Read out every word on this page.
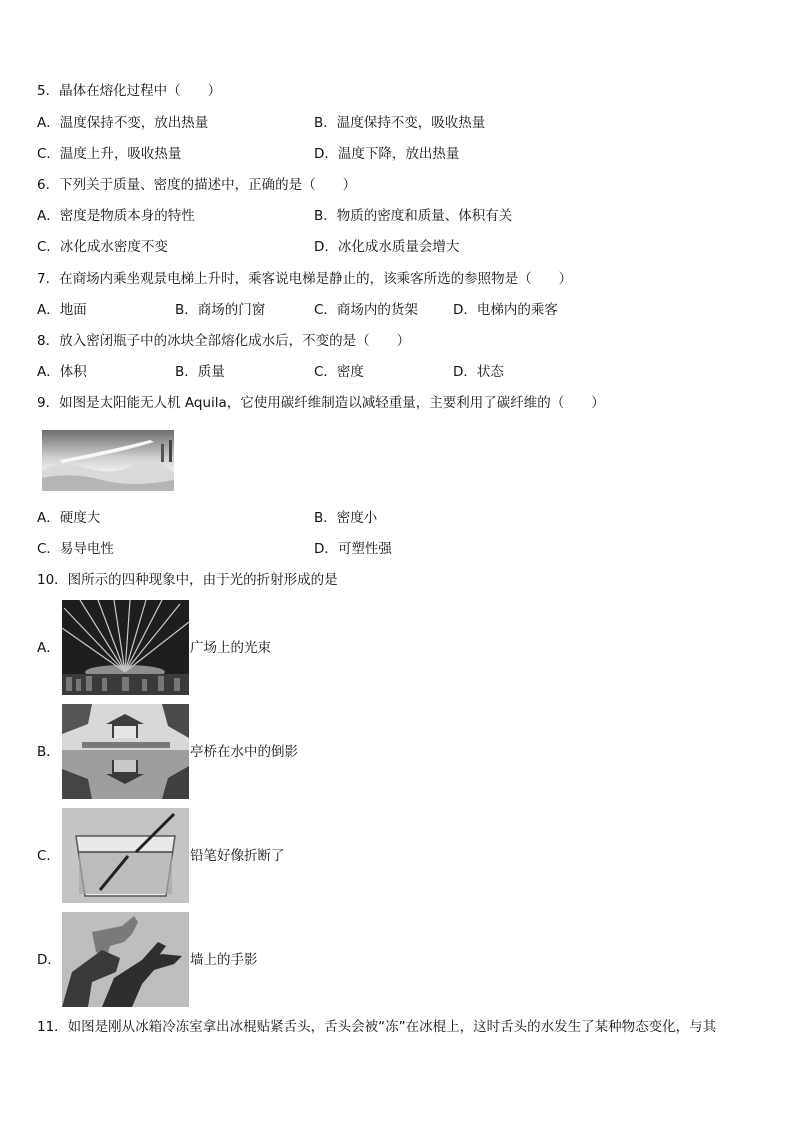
5．晶体在熔化过程中（　　）
A．温度保持不变，放出热量	B．温度保持不变，吸收热量
C．温度上升，吸收热量	D．温度下降，放出热量
6．下列关于质量、密度的描述中，正确的是（　　）
A．密度是物质本身的特性	B．物质的密度和质量、体积有关
C．冰化成水密度不变	D．冰化成水质量会增大
7．在商场内乘坐观景电梯上升时，乘客说电梯是静止的，该乘客所选的参照物是（　　）
A．地面	B．商场的门窗	C．商场内的货架	D．电梯内的乘客
8．放入密闭瓶子中的冰块全部熔化成水后，不变的是（　　）
A．体积	B．质量	C．密度	D．状态
9．如图是太阳能无人机 Aquila，它使用碳纤维制造以减轻重量，主要利用了碳纤维的（　　）
A．硬度大	B．密度小
C．易导电性	D．可塑性强
10．图所示的四种现象中，由于光的折射形成的是
A．	广场上的光束
B．	亭桥在水中的倒影
C．	铅笔好像折断了
D．	墙上的手影
11．如图是刚从冰箱冷冻室拿出冰棍贴紧舌头，舌头会被“冻”在冰棍上，这时舌头的水发生了某种物态变化，与其
